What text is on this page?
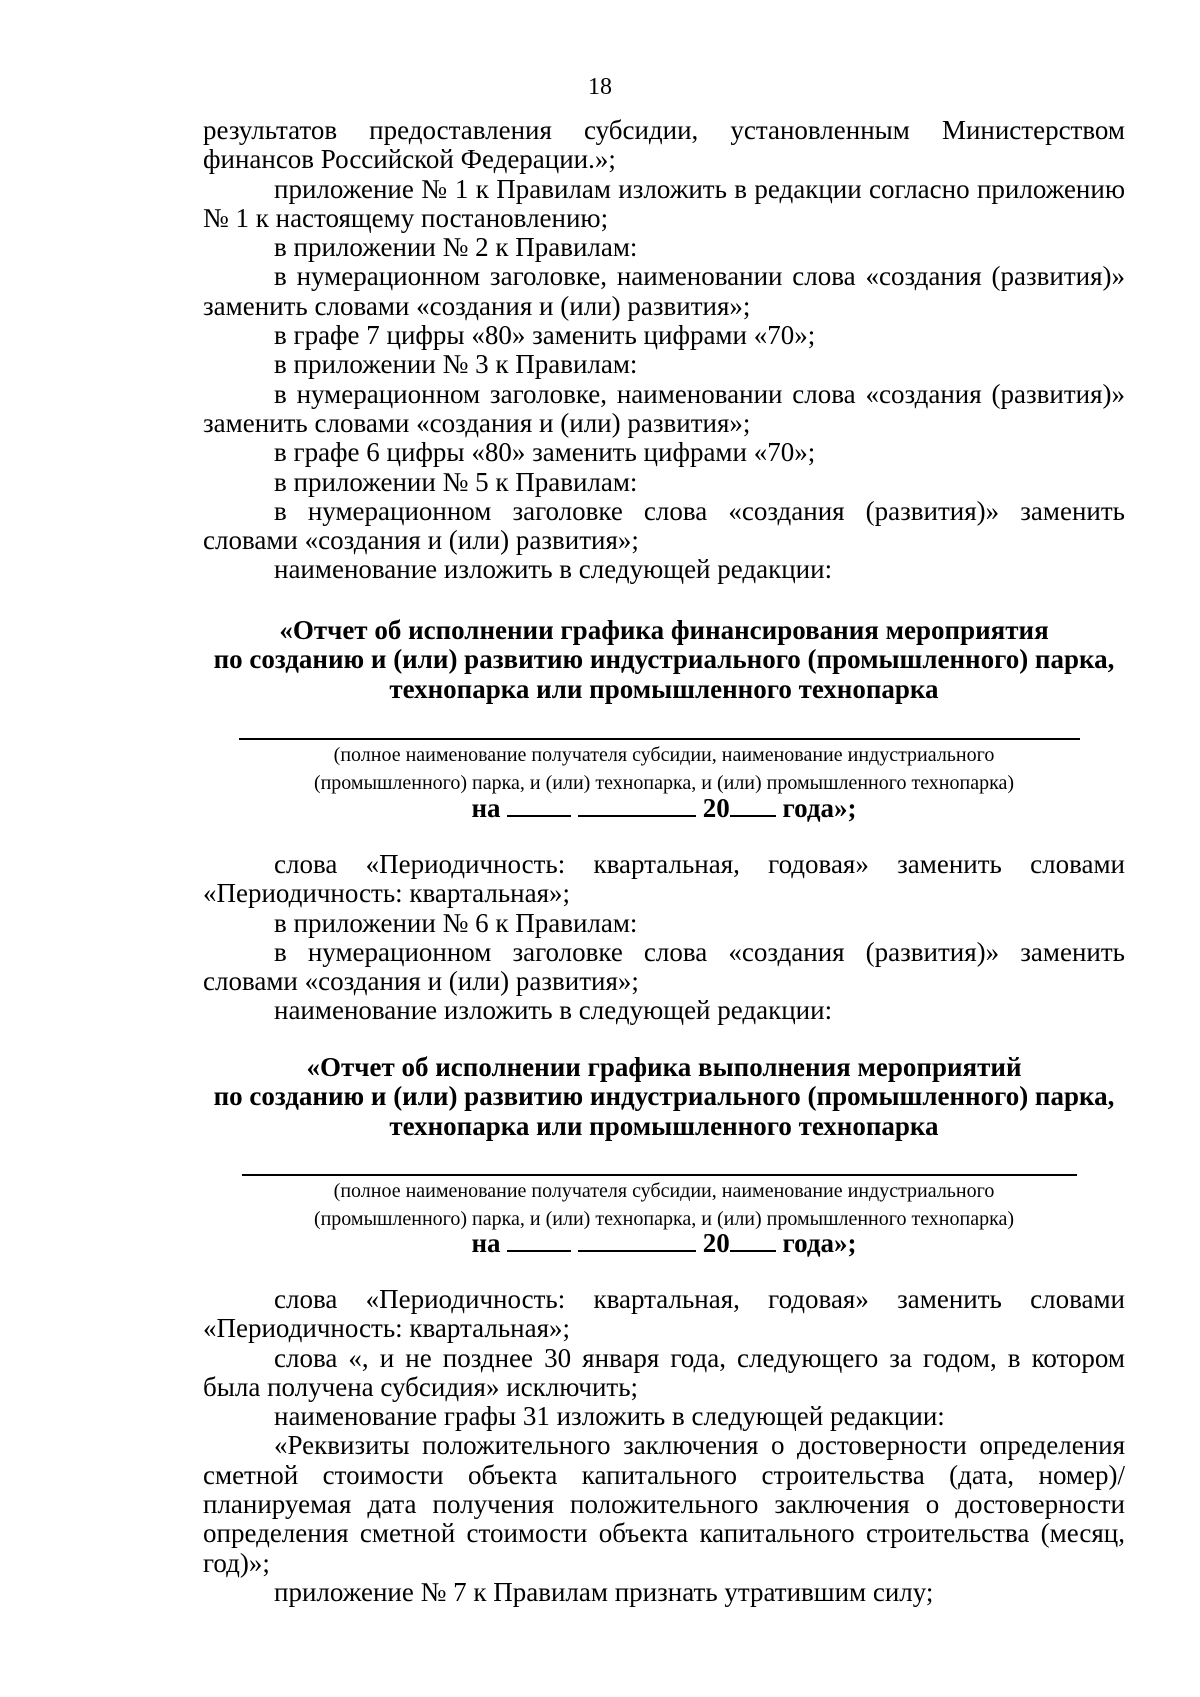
18

результатов предоставления субсидии, установленным Министерством финансов Российской Федерации.»;

приложение № 1 к Правилам изложить в редакции согласно приложению № 1 к настоящему постановлению;

в приложении № 2 к Правилам:

в нумерационном заголовке, наименовании слова «создания (развития)» заменить словами «создания и (или) развития»;

в графе 7 цифры «80» заменить цифрами «70»;

в приложении № 3 к Правилам:

в нумерационном заголовке, наименовании слова «создания (развития)» заменить словами «создания и (или) развития»;

в графе 6 цифры «80» заменить цифрами «70»;

в приложении № 5 к Правилам:

в нумерационном заголовке слова «создания (развития)» заменить словами «создания и (или) развития»;

наименование изложить в следующей редакции:

«Отчет об исполнении графика финансирования мероприятия
по созданию и (или) развитию индустриального (промышленного) парка,
технопарка или промышленного технопарка
(полное наименование получателя субсидии, наименование индустриального
(промышленного) парка, и (или) технопарка, и (или) промышленного технопарка)
на	20 года»;

слова «Периодичность: квартальная, годовая» заменить словами «Периодичность: квартальная»;

в приложении № 6 к Правилам:

в нумерационном заголовке слова «создания (развития)» заменить словами «создания и (или) развития»;

наименование изложить в следующей редакции:

«Отчет об исполнении графика выполнения мероприятий
по созданию и (или) развитию индустриального (промышленного) парка,
технопарка или промышленного технопарка
(полное наименование получателя субсидии, наименование индустриального
(промышленного) парка, и (или) технопарка, и (или) промышленного технопарка)
на	20 года»;

слова «Периодичность: квартальная, годовая» заменить словами «Периодичность: квартальная»;

слова «, и не позднее 30 января года, следующего за годом, в котором была получена субсидия» исключить;

наименование графы 31 изложить в следующей редакции:

«Реквизиты положительного заключения о достоверности определения сметной стоимости объекта капитального строительства (дата, номер)/планируемая дата получения положительного заключения о достоверности определения сметной стоимости объекта капитального строительства (месяц, год)»;

приложение № 7 к Правилам признать утратившим силу;
